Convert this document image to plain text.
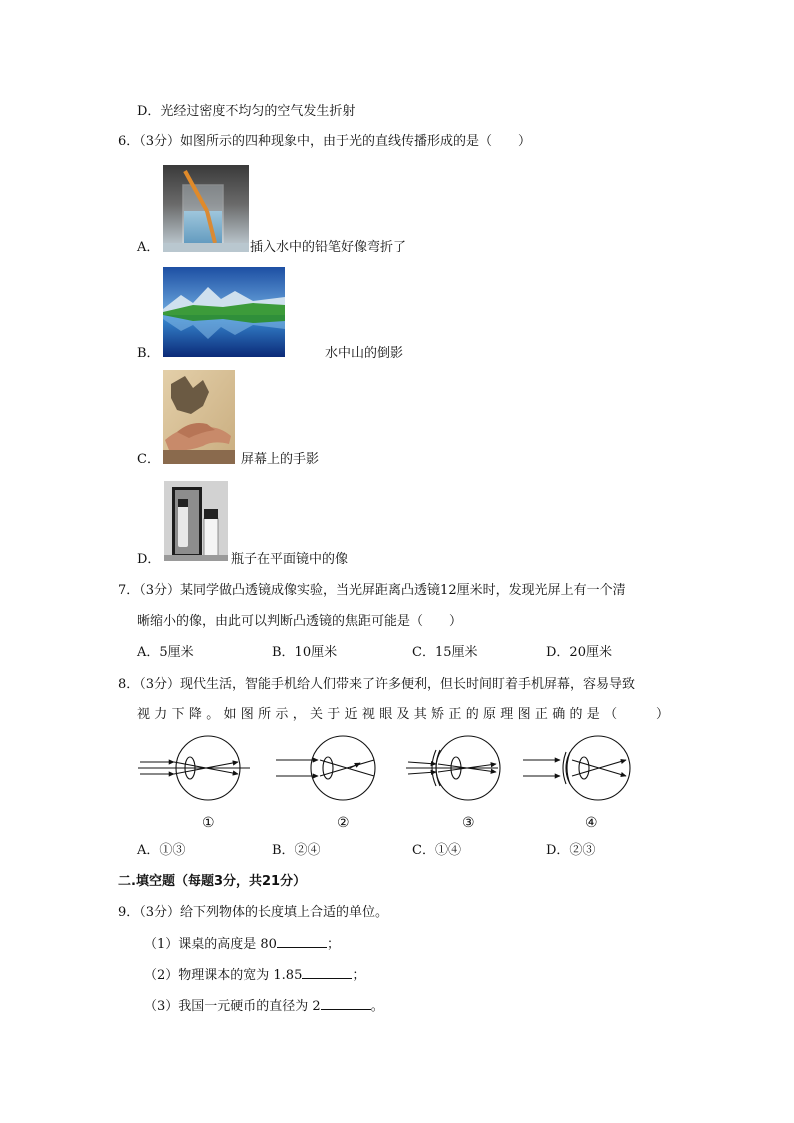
D．光经过密度不均匀的空气发生折射
6．（3分）如图所示的四种现象中，由于光的直线传播形成的是（　　）
A．	插入水中的铅笔好像弯折了
B．	水中山的倒影
C．	屏幕上的手影
D．	瓶子在平面镜中的像
7．（3分）某同学做凸透镜成像实验，当光屏距离凸透镜12厘米时，发现光屏上有一个清
晰缩小的像，由此可以判断凸透镜的焦距可能是（　　）
A．5厘米	B．10厘米	C．15厘米	D．20厘米
8．（3分）现代生活，智能手机给人们带来了许多便利，但长时间盯着手机屏幕，容易导致
视力下降。如图所示，关于近视眼及其矫正的原理图正确的是（　　）
①	②	③	④
A．①③	B．②④	C．①④	D．②③
二.填空题（每题3分，共21分）
9．（3分）给下列物体的长度填上合适的单位。
（1）课桌的高度是 80	；
（2）物理课本的宽为 1.85	；
（3）我国一元硬币的直径为 2	。
